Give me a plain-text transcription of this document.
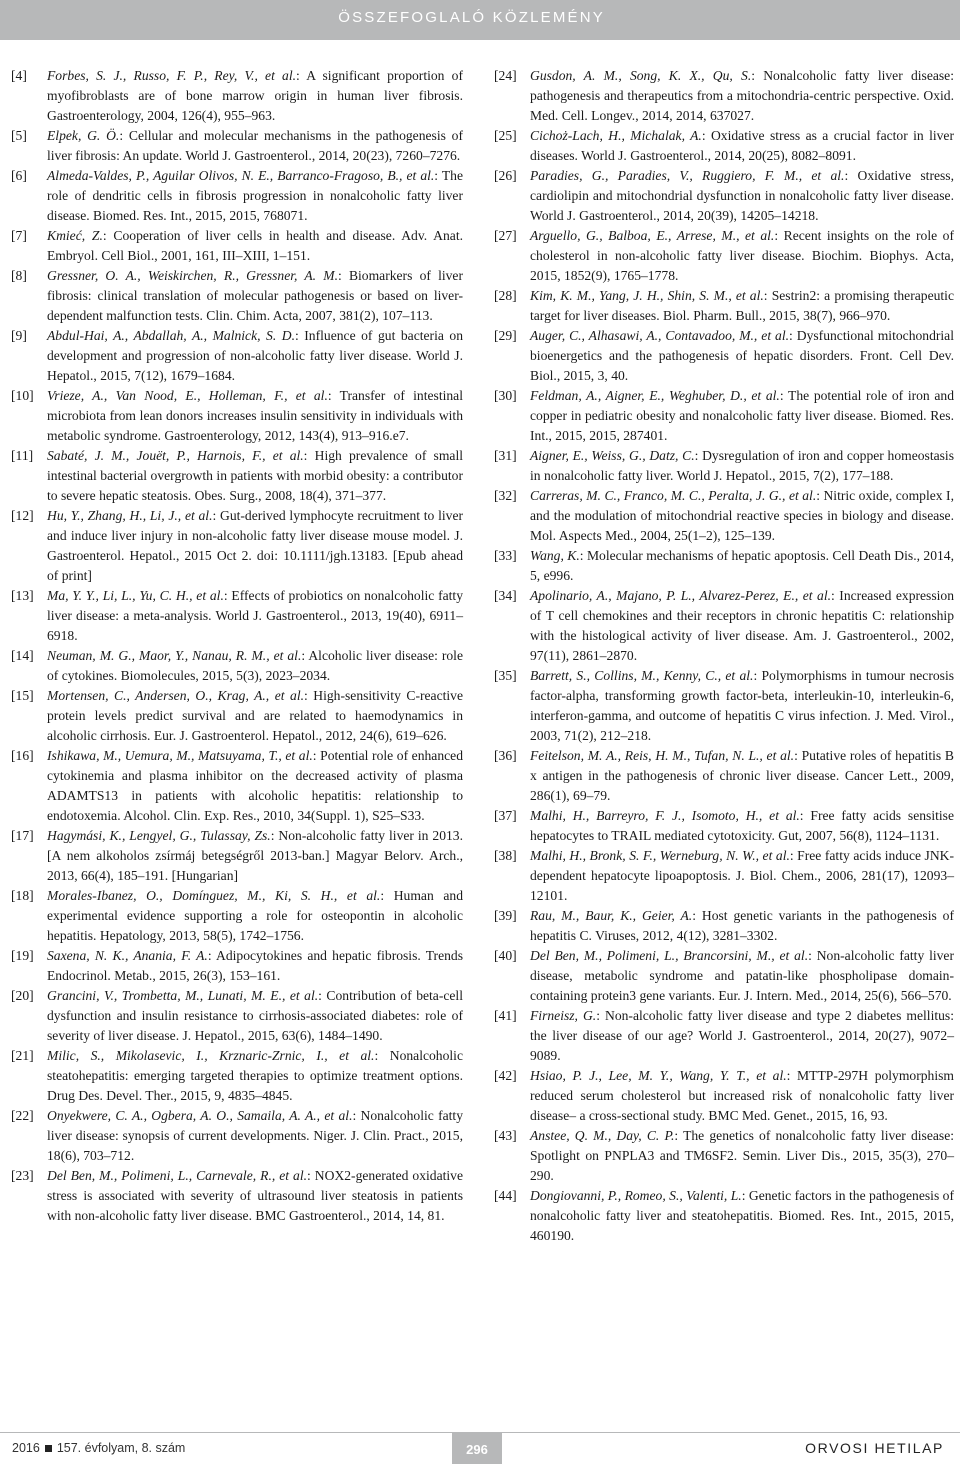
ÖSSZEFOGLALÓ KÖZLEMÉNY

[4]	Forbes, S. J., Russo, F. P., Rey, V., et al.: A significant proportion of myofibroblasts are of bone marrow origin in human liver fibrosis. Gastroenterology, 2004, 126(4), 955–963.

[5]	Elpek, G. Ö.: Cellular and molecular mechanisms in the pathogenesis of liver fibrosis: An update. World J. Gastroenterol., 2014, 20(23), 7260–7276.

[6]	Almeda-Valdes, P., Aguilar Olivos, N. E., Barranco-Fragoso, B., et al.: The role of dendritic cells in fibrosis progression in nonalcoholic fatty liver disease. Biomed. Res. Int., 2015, 2015, 768071.

[7]	Kmieć, Z.: Cooperation of liver cells in health and disease. Adv. Anat. Embryol. Cell Biol., 2001, 161, III–XIII, 1–151.

[8]	Gressner, O. A., Weiskirchen, R., Gressner, A. M.: Biomarkers of liver fibrosis: clinical translation of molecular pathogenesis or based on liver-dependent malfunction tests. Clin. Chim. Acta, 2007, 381(2), 107–113.

[9]	Abdul-Hai, A., Abdallah, A., Malnick, S. D.: Influence of gut bacteria on development and progression of non-alcoholic fatty liver disease. World J. Hepatol., 2015, 7(12), 1679–1684.

[10] Vrieze, A., Van Nood, E., Holleman, F., et al.: Transfer of intestinal microbiota from lean donors increases insulin sensitivity in individuals with metabolic syndrome. Gastroenterology, 2012, 143(4), 913–916.e7.

[11]	Sabaté, J. M., Jouët, P., Harnois, F., et al.: High prevalence of small intestinal bacterial overgrowth in patients with morbid obesity: a contributor to severe hepatic steatosis. Obes. Surg., 2008, 18(4), 371–377.

[12] Hu, Y., Zhang, H., Li, J., et al.: Gut-derived lymphocyte recruitment to liver and induce liver injury in non-alcoholic fatty liver disease mouse model. J. Gastroenterol. Hepatol., 2015 Oct 2. doi: 10.1111/jgh.13183. [Epub ahead of print]

[13] Ma, Y. Y., Li, L., Yu, C. H., et al.: Effects of probiotics on nonalcoholic fatty liver disease: a meta-analysis. World J. Gastroenterol., 2013, 19(40), 6911–6918.

[14] Neuman, M. G., Maor, Y., Nanau, R. M., et al.: Alcoholic liver disease: role of cytokines. Biomolecules, 2015, 5(3), 2023–2034.

[15] Mortensen, C., Andersen, O., Krag, A., et al.: High-sensitivity C-reactive protein levels predict survival and are related to haemodynamics in alcoholic cirrhosis. Eur. J. Gastroenterol. Hepatol., 2012, 24(6), 619–626.

[16] Ishikawa, M., Uemura, M., Matsuyama, T., et al.: Potential role of enhanced cytokinemia and plasma inhibitor on the decreased activity of plasma ADAMTS13 in patients with alcoholic hepatitis: relationship to endotoxemia. Alcohol. Clin. Exp. Res., 2010, 34(Suppl. 1), S25–S33.

[17] Hagymási, K., Lengyel, G., Tulassay, Zs.: Non-alcoholic fatty liver in 2013. [A nem alkoholos zsírmáj betegségről 2013-ban.] Magyar Belorv. Arch., 2013, 66(4), 185–191. [Hungarian]

[18] Morales-Ibanez, O., Domínguez, M., Ki, S. H., et al.: Human and experimental evidence supporting a role for osteopontin in alcoholic hepatitis. Hepatology, 2013, 58(5), 1742–1756.

[19] Saxena, N. K., Anania, F. A.: Adipocytokines and hepatic fibrosis. Trends Endocrinol. Metab., 2015, 26(3), 153–161.

[20] Grancini, V., Trombetta, M., Lunati, M. E., et al.: Contribution of beta-cell dysfunction and insulin resistance to cirrhosis-associated diabetes: role of severity of liver disease. J. Hepatol., 2015, 63(6), 1484–1490.

[21] Milic, S., Mikolasevic, I., Krznaric-Zrnic, I., et al.: Nonalcoholic steatohepatitis: emerging targeted therapies to optimize treatment options. Drug Des. Devel. Ther., 2015, 9, 4835–4845.

[22] Onyekwere, C. A., Ogbera, A. O., Samaila, A. A., et al.: Nonalcoholic fatty liver disease: synopsis of current developments. Niger. J. Clin. Pract., 2015, 18(6), 703–712.

[23] Del Ben, M., Polimeni, L., Carnevale, R., et al.: NOX2-generated oxidative stress is associated with severity of ultrasound liver steatosis in patients with non-alcoholic fatty liver disease. BMC Gastroenterol., 2014, 14, 81.

[24] Gusdon, A. M., Song, K. X., Qu, S.: Nonalcoholic fatty liver disease: pathogenesis and therapeutics from a mitochondria-centric perspective. Oxid. Med. Cell. Longev., 2014, 2014, 637027.

[25] Cichoż-Lach, H., Michalak, A.: Oxidative stress as a crucial factor in liver diseases. World J. Gastroenterol., 2014, 20(25), 8082–8091.

[26] Paradies, G., Paradies, V., Ruggiero, F. M., et al.: Oxidative stress, cardiolipin and mitochondrial dysfunction in nonalcoholic fatty liver disease. World J. Gastroenterol., 2014, 20(39), 14205–14218.

[27] Arguello, G., Balboa, E., Arrese, M., et al.: Recent insights on the role of cholesterol in non-alcoholic fatty liver disease. Biochim. Biophys. Acta, 2015, 1852(9), 1765–1778.

[28] Kim, K. M., Yang, J. H., Shin, S. M., et al.: Sestrin2: a promising therapeutic target for liver diseases. Biol. Pharm. Bull., 2015, 38(7), 966–970.

[29] Auger, C., Alhasawi, A., Contavadoo, M., et al.: Dysfunctional mitochondrial bioenergetics and the pathogenesis of hepatic disorders. Front. Cell Dev. Biol., 2015, 3, 40.

[30] Feldman, A., Aigner, E., Weghuber, D., et al.: The potential role of iron and copper in pediatric obesity and nonalcoholic fatty liver disease. Biomed. Res. Int., 2015, 2015, 287401.

[31] Aigner, E., Weiss, G., Datz, C.: Dysregulation of iron and copper homeostasis in nonalcoholic fatty liver. World J. Hepatol., 2015, 7(2), 177–188.

[32] Carreras, M. C., Franco, M. C., Peralta, J. G., et al.: Nitric oxide, complex I, and the modulation of mitochondrial reactive species in biology and disease. Mol. Aspects Med., 2004, 25(1–2), 125–139.

[33] Wang, K.: Molecular mechanisms of hepatic apoptosis. Cell Death Dis., 2014, 5, e996.

[34] Apolinario, A., Majano, P. L., Alvarez-Perez, E., et al.: Increased expression of T cell chemokines and their receptors in chronic hepatitis C: relationship with the histological activity of liver disease. Am. J. Gastroenterol., 2002, 97(11), 2861–2870.

[35] Barrett, S., Collins, M., Kenny, C., et al.: Polymorphisms in tumour necrosis factor-alpha, transforming growth factor-beta, interleukin-10, interleukin-6, interferon-gamma, and outcome of hepatitis C virus infection. J. Med. Virol., 2003, 71(2), 212–218.

[36] Feitelson, M. A., Reis, H. M., Tufan, N. L., et al.: Putative roles of hepatitis B x antigen in the pathogenesis of chronic liver disease. Cancer Lett., 2009, 286(1), 69–79.

[37] Malhi, H., Barreyro, F. J., Isomoto, H., et al.: Free fatty acids sensitise hepatocytes to TRAIL mediated cytotoxicity. Gut, 2007, 56(8), 1124–1131.

[38] Malhi, H., Bronk, S. F., Werneburg, N. W., et al.: Free fatty acids induce JNK-dependent hepatocyte lipoapoptosis. J. Biol. Chem., 2006, 281(17), 12093–12101.

[39] Rau, M., Baur, K., Geier, A.: Host genetic variants in the pathogenesis of hepatitis C. Viruses, 2012, 4(12), 3281–3302.

[40] Del Ben, M., Polimeni, L., Brancorsini, M., et al.: Non-alcoholic fatty liver disease, metabolic syndrome and patatin-like phospholipase domain-containing protein3 gene variants. Eur. J. Intern. Med., 2014, 25(6), 566–570.

[41] Firneisz, G.: Non-alcoholic fatty liver disease and type 2 diabetes mellitus: the liver disease of our age? World J. Gastroenterol., 2014, 20(27), 9072–9089.

[42] Hsiao, P. J., Lee, M. Y., Wang, Y. T., et al.: MTTP-297H polymorphism reduced serum cholesterol but increased risk of nonalcoholic fatty liver disease– a cross-sectional study. BMC Med. Genet., 2015, 16, 93.

[43] Anstee, Q. M., Day, C. P.: The genetics of nonalcoholic fatty liver disease: Spotlight on PNPLA3 and TM6SF2. Semin. Liver Dis., 2015, 35(3), 270–290.

[44] Dongiovanni, P., Romeo, S., Valenti, L.: Genetic factors in the pathogenesis of nonalcoholic fatty liver and steatohepatitis. Biomed. Res. Int., 2015, 2015, 460190.

2016 157. évfolyam, 8. szám	296	ORVOSI HETILAP
